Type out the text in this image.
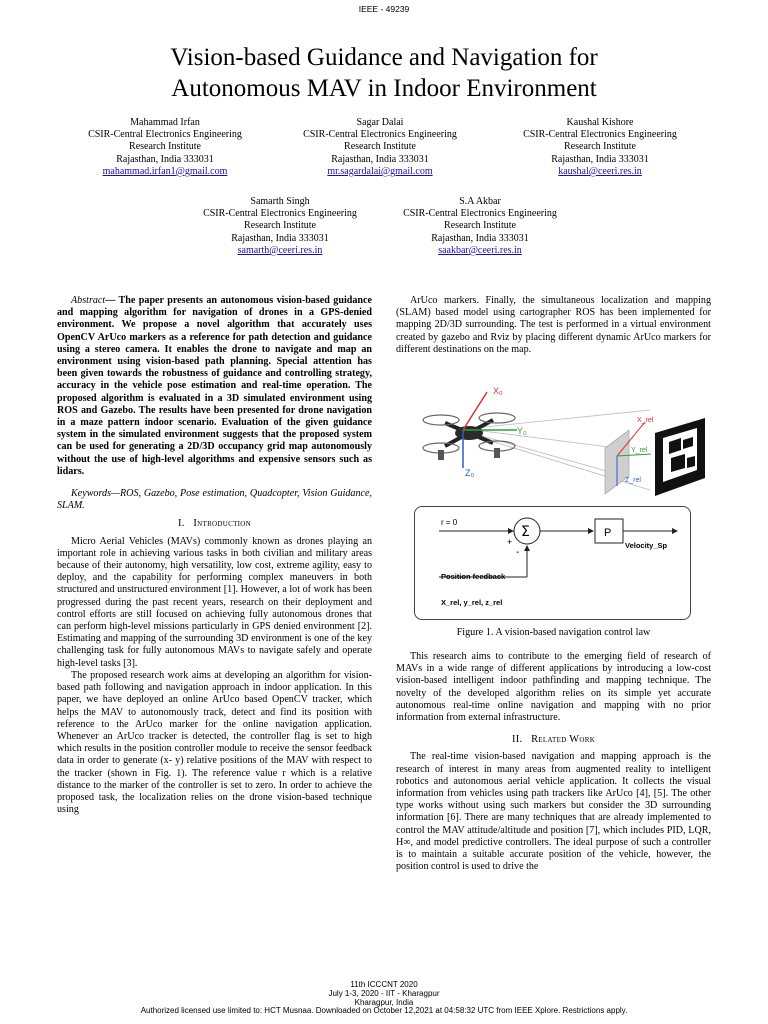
IEEE - 49239
Vision-based Guidance and Navigation for
Autonomous MAV in Indoor Environment
Mahammad Irfan
CSIR-Central Electronics Engineering
Research Institute
Rajasthan, India 333031
mahammad.irfan1@gmail.com
Sagar Dalai
CSIR-Central Electronics Engineering
Research Institute
Rajasthan, India 333031
mr.sagardalai@gmail.com
Kaushal Kishore
CSIR-Central Electronics Engineering
Research Institute
Rajasthan, India 333031
kaushal@ceeri.res.in
Samarth Singh
CSIR-Central Electronics Engineering
Research Institute
Rajasthan, India 333031
samarth@ceeri.res.in
S.A Akbar
CSIR-Central Electronics Engineering
Research Institute
Rajasthan, India 333031
saakbar@ceeri.res.in

Abstract— The paper presents an autonomous vision-based guidance and mapping algorithm for navigation of drones in a GPS-denied environment. We propose a novel algorithm that accurately uses OpenCV ArUco markers as a reference for path detection and guidance using a stereo camera. It enables the drone to navigate and map an environment using vision-based path planning. Special attention has been given towards the robustness of guidance and controlling strategy, accuracy in the vehicle pose estimation and real-time operation. The proposed algorithm is evaluated in a 3D simulated environment using ROS and Gazebo. The results have been presented for drone navigation in a maze pattern indoor scenario. Evaluation of the given guidance system in the simulated environment suggests that the proposed system can be used for generating a 2D/3D occupancy grid map autonomously without the use of high-level algorithms and expensive sensors such as lidars.

Keywords—ROS, Gazebo, Pose estimation, Quadcopter, Vision Guidance, SLAM.

I. Introduction

Micro Aerial Vehicles (MAVs) commonly known as drones playing an important role in achieving various tasks in both civilian and military areas because of their autonomy, high versatility, low cost, extreme agility, easy to deploy, and the capability for performing complex maneuvers in both structured and unstructured environment [1]. However, a lot of work has been progressed during the past recent years, research on their deployment and control efforts are still focused on achieving fully autonomous drones that can perform high-level missions particularly in GPS denied environment [2]. Estimating and mapping of the surrounding 3D environment is one of the key challenging task for fully autonomous MAVs to navigate safely and operate high-level tasks [3].

The proposed research work aims at developing an algorithm for vision-based path following and navigation approach in indoor application. In this paper, we have deployed an online ArUco based OpenCV tracker, which helps the MAV to autonomously track, detect and find its position with reference to the ArUco marker for the online navigation application. Whenever an ArUco tracker is detected, the controller flag is set to high which results in the position controller module to receive the sensor feedback data in order to generate (x- y) relative positions of the MAV with respect to the tracker (shown in Fig. 1). The reference value r which is a relative distance to the marker of the controller is set to zero. In order to achieve the proposed task, the localization relies on the drone vision-based technique using

ArUco markers. Finally, the simultaneous localization and mapping (SLAM) based model using cartographer ROS has been implemented for mapping 2D/3D surrounding. The test is performed in a virtual environment created by gazebo and Rviz by placing different dynamic ArUco markers for different destinations on the map.

X₀
Y₀
Z₀
X_rel
Y_rel
Z_rel
r = 0
+
-
Σ	P
Velocity_Sp
Position feedback
X_rel, y_rel, z_rel
Figure 1. A vision-based navigation control law

This research aims to contribute to the emerging field of research of MAVs in a wide range of different applications by introducing a low-cost vision-based intelligent indoor pathfinding and mapping technique. The novelty of the developed algorithm relies on its simple yet accurate autonomous real-time online navigation and mapping with no prior information from external infrastructure.

II. Related Work

The real-time vision-based navigation and mapping approach is the research of interest in many areas from augmented reality to intelligent robotics and autonomous aerial vehicle application. It collects the visual information from vehicles using path trackers like ArUco [4], [5]. The other type works without using such markers but consider the 3D surrounding information [6]. There are many techniques that are already implemented to control the MAV attitude/altitude and position [7], which includes PID, LQR, H∞, and model predictive controllers. The ideal purpose of such a controller is to maintain a suitable accurate position of the vehicle, however, the position control is used to drive the

11th ICCCNT 2020
July 1-3, 2020 - IIT - Kharagpur
Kharagpur, India
Authorized licensed use limited to: HCT Musnaa. Downloaded on October 12,2021 at 04:58:32 UTC from IEEE Xplore. Restrictions apply.
